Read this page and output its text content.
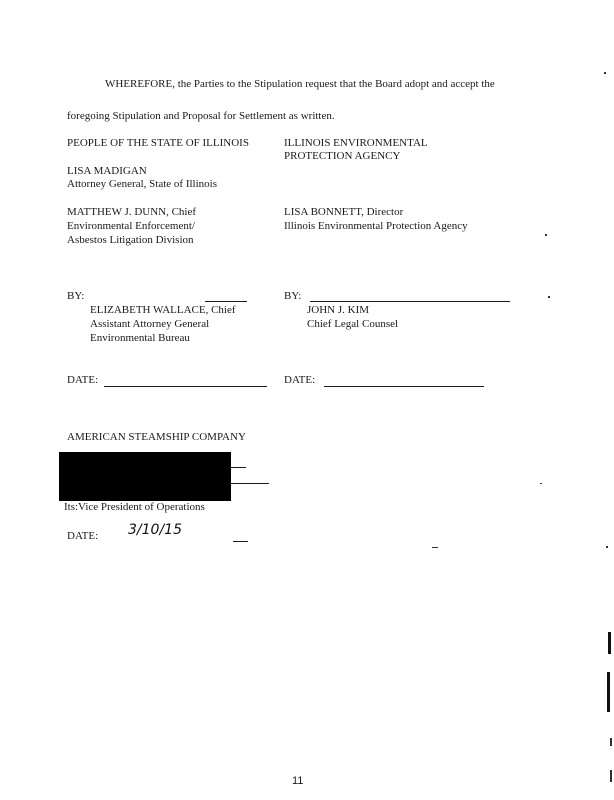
WHEREFORE, the Parties to the Stipulation request that the Board adopt and accept the
foregoing Stipulation and Proposal for Settlement as written.
PEOPLE OF THE STATE OF ILLINOIS
LISA MADIGAN
Attorney General, State of Illinois
MATTHEW J. DUNN, Chief
Environmental Enforcement/
Asbestos Litigation Division
BY:
ELIZABETH WALLACE, Chief
Assistant Attorney General
Environmental Bureau
DATE:
ILLINOIS ENVIRONMENTAL
PROTECTION AGENCY
LISA BONNETT, Director
Illinois Environmental Protection Agency
BY:
JOHN J. KIM
Chief Legal Counsel
DATE:
AMERICAN STEAMSHIP COMPANY
Its:Vice President of Operations
DATE: 3/10/15
11
